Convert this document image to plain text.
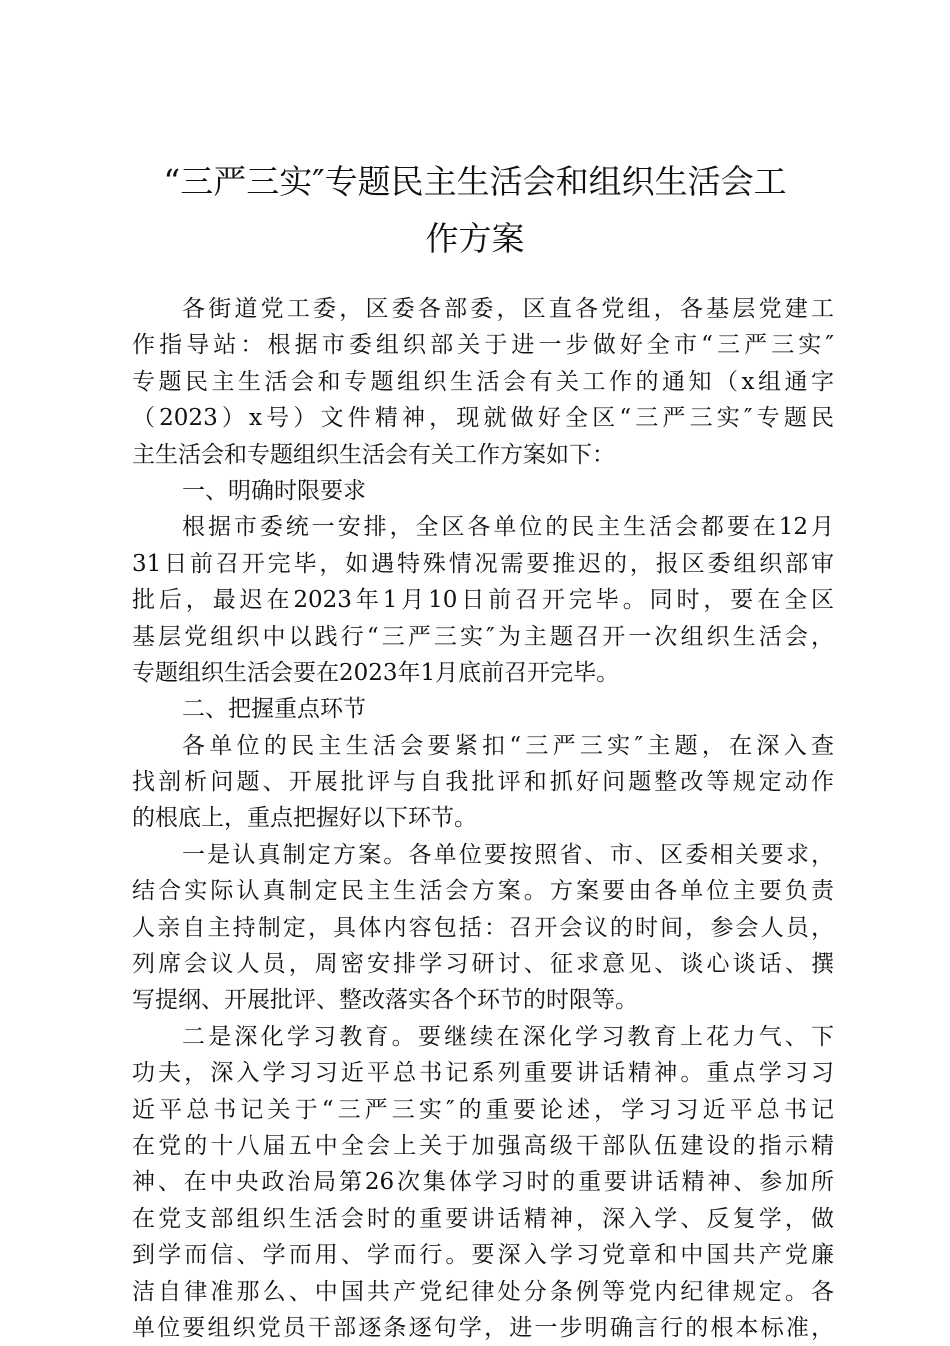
“三严三实″专题民主生活会和组织生活会工
作方案
各街道党工委，区委各部委，区直各党组，各基层党建工
作指导站：根据市委组织部关于进一步做好全市“三严三实″
专题民主生活会和专题组织生活会有关工作的通知（x组通字
（2023）x号）文件精神，现就做好全区“三严三实″专题民
主生活会和专题组织生活会有关工作方案如下：
一、明确时限要求
根据市委统一安排，全区各单位的民主生活会都要在12月
31日前召开完毕，如遇特殊情况需要推迟的，报区委组织部审
批后，最迟在2023年1月10日前召开完毕。同时，要在全区
基层党组织中以践行“三严三实″为主题召开一次组织生活会，
专题组织生活会要在2023年1月底前召开完毕。
二、把握重点环节
各单位的民主生活会要紧扣“三严三实″主题，在深入查
找剖析问题、开展批评与自我批评和抓好问题整改等规定动作
的根底上，重点把握好以下环节。
一是认真制定方案。各单位要按照省、市、区委相关要求，
结合实际认真制定民主生活会方案。方案要由各单位主要负责
人亲自主持制定，具体内容包括：召开会议的时间，参会人员，
列席会议人员，周密安排学习研讨、征求意见、谈心谈话、撰
写提纲、开展批评、整改落实各个环节的时限等。
二是深化学习教育。要继续在深化学习教育上花力气、下
功夫，深入学习习近平总书记系列重要讲话精神。重点学习习
近平总书记关于“三严三实″的重要论述，学习习近平总书记
在党的十八届五中全会上关于加强高级干部队伍建设的指示精
神、在中央政治局第26次集体学习时的重要讲话精神、参加所
在党支部组织生活会时的重要讲话精神，深入学、反复学，做
到学而信、学而用、学而行。要深入学习党章和中国共产党廉
洁自律准那么、中国共产党纪律处分条例等党内纪律规定。各
单位要组织党员干部逐条逐句学，进一步明确言行的根本标准，
